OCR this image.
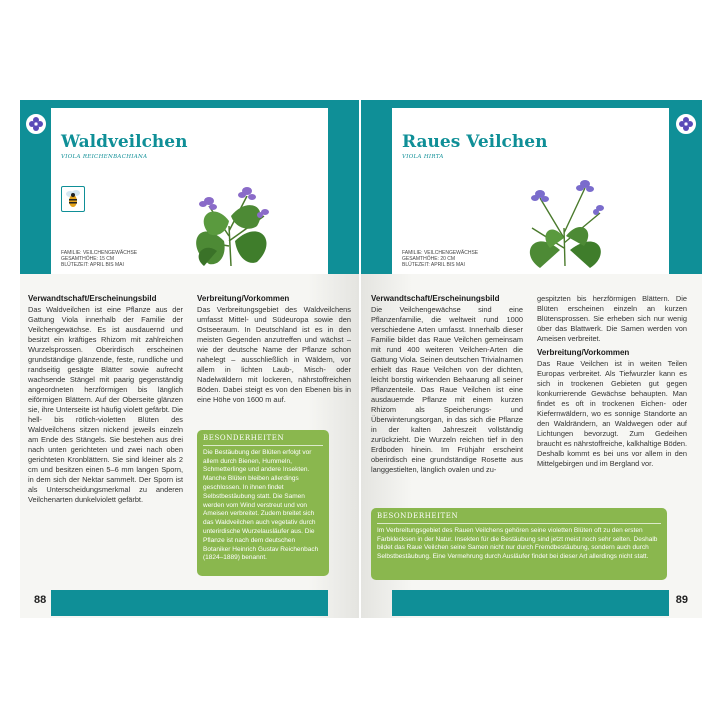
Waldveilchen
VIOLA REICHENBACHIANA
FAMILIE: VEILCHENGEWÄCHSE
GESAMTHÖHE: 15 CM
BLÜTEZEIT: APRIL BIS MAI
Verwandtschaft/Erscheinungsbild

Das Waldveilchen ist eine Pflanze aus der Gattung Viola innerhalb der Familie der Veilchengewächse. Es ist ausdauernd und besitzt ein kräftiges Rhizom mit zahlreichen Wurzelsprossen. Oberirdisch erscheinen grundständige glänzende, feste, rundliche und randseitig gesägte Blätter sowie aufrecht wachsende Stängel mit paarig gegenständig angeordneten herzförmigen bis länglich eiförmigen Blättern. Auf der Oberseite glänzen sie, ihre Unterseite ist häufig violett gefärbt. Die hell- bis rötlich-violetten Blüten des Waldveilchens sitzen nickend jeweils einzeln am Ende des Stängels. Sie bestehen aus drei nach unten gerichteten und zwei nach oben gerichteten Kronblättern. Sie sind kleiner als 2 cm und besitzen einen 5–6 mm langen Sporn, in dem sich der Nektar sammelt. Der Sporn ist als Unterscheidungsmerkmal zu anderen Veilchenarten dunkelviolett gefärbt.

Verbreitung/Vorkommen

Das Verbreitungsgebiet des Waldveilchens umfasst Mittel- und Südeuropa sowie den Ostseeraum. In Deutschland ist es in den meisten Gegenden anzutreffen und wächst – wie der deutsche Name der Pflanze schon nahelegt – ausschließlich in Wäldern, vor allem in lichten Laub-, Misch- oder Nadelwäldern mit lockeren, nährstoffreichen Böden. Dabei steigt es von den Ebenen bis in eine Höhe von 1600 m auf.

BESONDERHEITEN
Die Bestäubung der Blüten erfolgt vor allem durch Bienen, Hummeln, Schmetterlinge und andere Insekten. Manche Blüten bleiben allerdings geschlossen. In ihnen findet Selbstbestäubung statt. Die Samen werden vom Wind verstreut und von Ameisen verbreitet. Zudem breitet sich das Waldveilchen auch vegetativ durch unterirdische Wurzelausläufer aus. Die Pflanze ist nach dem deutschen Botaniker Heinrich Gustav Reichenbach (1824–1889) benannt.
88
Raues Veilchen
VIOLA HIRTA
FAMILIE: VEILCHENGEWÄCHSE
GESAMTHÖHE: 20 CM
BLÜTEZEIT: APRIL BIS MAI
Verwandtschaft/Erscheinungsbild

Die Veilchengewächse sind eine Pflanzenfamilie, die weltweit rund 1000 verschiedene Arten umfasst. Innerhalb dieser Familie bildet das Raue Veilchen gemeinsam mit rund 400 weiteren Veilchen-Arten die Gattung Viola. Seinen deutschen Trivialnamen erhielt das Raue Veilchen von der dichten, leicht borstig wirkenden Behaarung all seiner Pflanzenteile. Das Raue Veilchen ist eine ausdauernde Pflanze mit einem kurzen Rhizom als Speicherungs- und Überwinterungsorgan, in das sich die Pflanze in der kalten Jahreszeit vollständig zurückzieht. Die Wurzeln reichen tief in den Erdboden hinein. Im Frühjahr erscheint oberirdisch eine grundständige Rosette aus langgestielten, länglich ovalen und zu-

gespitzten bis herzförmigen Blättern. Die Blüten erscheinen einzeln an kurzen Blütensprossen. Sie erheben sich nur wenig über das Blattwerk. Die Samen werden von Ameisen verbreitet.

Verbreitung/Vorkommen

Das Raue Veilchen ist in weiten Teilen Europas verbreitet. Als Tiefwurzler kann es sich in trockenen Gebieten gut gegen konkurrierende Gewächse behaupten. Man findet es oft in trockenen Eichen- oder Kiefernwäldern, wo es sonnige Standorte an den Waldrändern, an Waldwegen oder auf Lichtungen bevorzugt. Zum Gedeihen braucht es nährstoffreiche, kalkhaltige Böden. Deshalb kommt es bei uns vor allem in den Mittelgebirgen und im Bergland vor.

BESONDERHEITEN
Im Verbreitungsgebiet des Rauen Veilchens gehören seine violetten Blüten oft zu den ersten Farbklecksen in der Natur. Insekten für die Bestäubung sind jetzt meist noch sehr selten. Deshalb bildet das Raue Veilchen seine Samen nicht nur durch Fremdbestäubung, sondern auch durch Selbstbestäubung. Eine Vermehrung durch Ausläufer findet bei dieser Art allerdings nicht statt.
89
